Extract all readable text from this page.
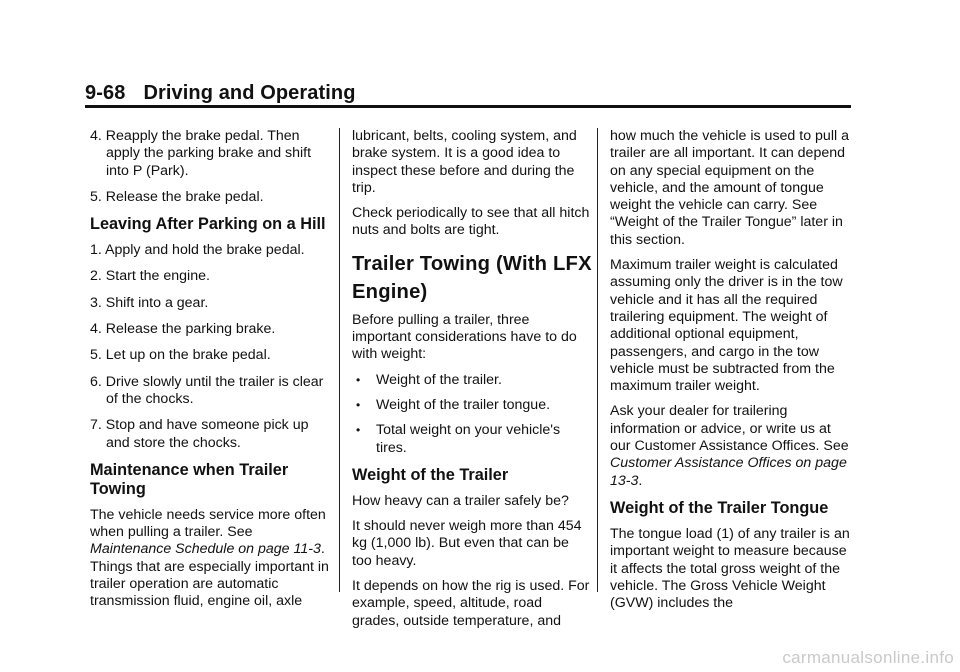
9-68 Driving and Operating

4. Reapply the brake pedal. Then apply the parking brake and shift into P (Park).

5. Release the brake pedal.

Leaving After Parking on a Hill

1. Apply and hold the brake pedal.

2. Start the engine.

3. Shift into a gear.

4. Release the parking brake.

5. Let up on the brake pedal.

6. Drive slowly until the trailer is clear of the chocks.

7. Stop and have someone pick up and store the chocks.

Maintenance when Trailer Towing

The vehicle needs service more often when pulling a trailer. See Maintenance Schedule on page 11-3. Things that are especially important in trailer operation are automatic transmission fluid, engine oil, axle

lubricant, belts, cooling system, and brake system. It is a good idea to inspect these before and during the trip.

Check periodically to see that all hitch nuts and bolts are tight.

Trailer Towing (With LFX Engine)

Before pulling a trailer, three important considerations have to do with weight:

• Weight of the trailer.
• Weight of the trailer tongue.
• Total weight on your vehicle's tires.
Weight of the Trailer

How heavy can a trailer safely be?

It should never weigh more than 454 kg (1,000 lb). But even that can be too heavy.

It depends on how the rig is used. For example, speed, altitude, road grades, outside temperature, and

how much the vehicle is used to pull a trailer are all important. It can depend on any special equipment on the vehicle, and the amount of tongue weight the vehicle can carry. See “Weight of the Trailer Tongue” later in this section.

Maximum trailer weight is calculated assuming only the driver is in the tow vehicle and it has all the required trailering equipment. The weight of additional optional equipment, passengers, and cargo in the tow vehicle must be subtracted from the maximum trailer weight.

Ask your dealer for trailering information or advice, or write us at our Customer Assistance Offices. See Customer Assistance Offices on page 13-3.

Weight of the Trailer Tongue

The tongue load (1) of any trailer is an important weight to measure because it affects the total gross weight of the vehicle. The Gross Vehicle Weight (GVW) includes the

carmanualsonline.info
